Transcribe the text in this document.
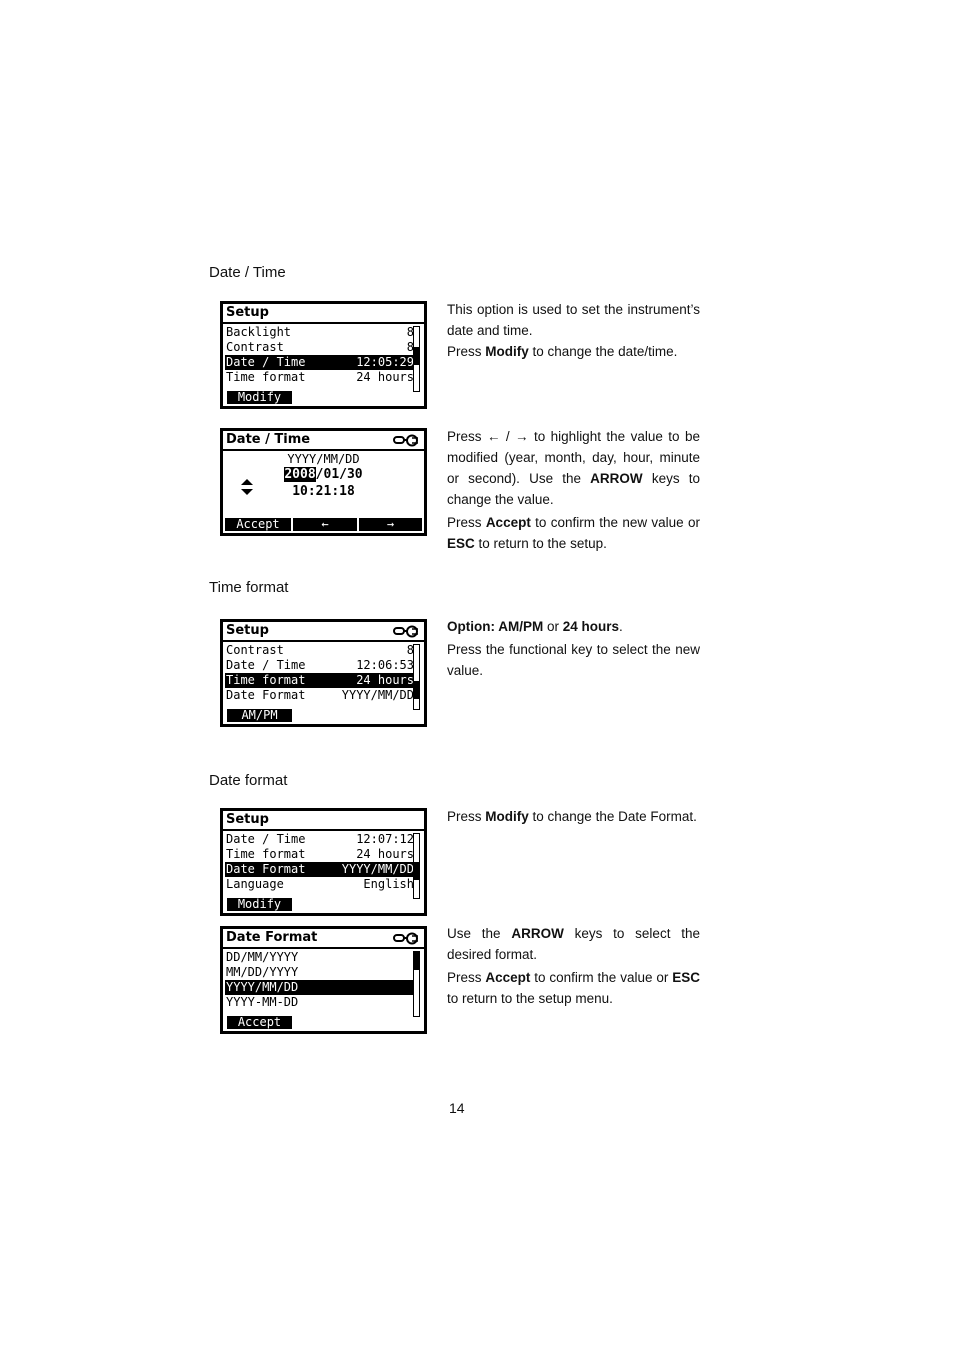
Date / Time
Setup
Backlight	8
Contrast	8
Date / Time	12:05:29
Time format	24 hours
Modify

This option is used to set the instrument’s date and time.

Press Modify to change the date/time.

Date / Time
YYYY/MM/DD
2008/01/30
10:21:18
Accept	←	→

Press ← / → to highlight the value to be modified (year, month, day, hour, minute or second). Use the ARROW keys to change the value.

Press Accept to confirm the new value or ESC to return to the setup.

Time format
Setup
Contrast	8
Date / Time	12:06:53
Time format	24 hours
Date Format	YYYY/MM/DD
AM/PM

Option: AM/PM or 24 hours.

Press the functional key to select the new value.

Date format
Setup
Date / Time	12:07:12
Time format	24 hours
Date Format	YYYY/MM/DD
Language	English
Modify

Press Modify to change the Date Format.

Date Format
DD/MM/YYYY
MM/DD/YYYY
YYYY/MM/DD
YYYY-MM-DD
Accept

Use the ARROW keys to select the desired format.

Press Accept to confirm the value or ESC to return to the setup menu.

14
